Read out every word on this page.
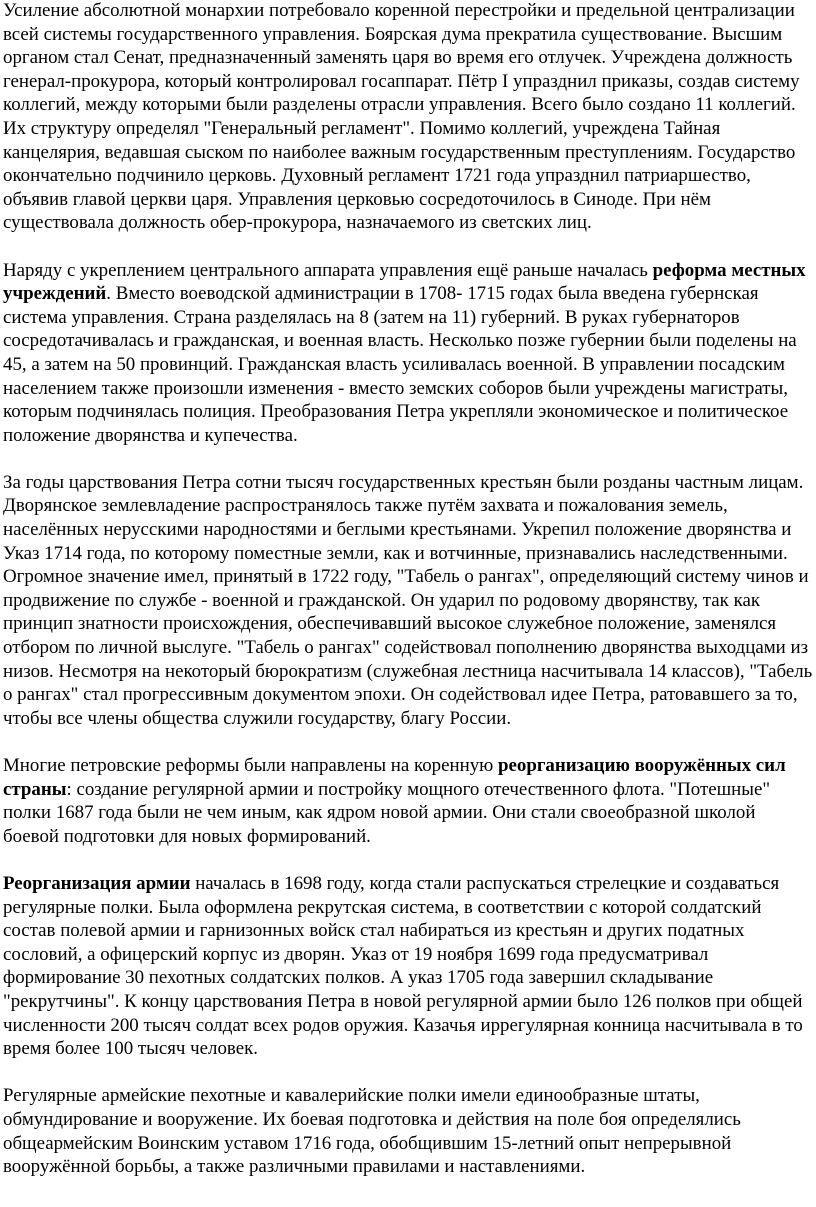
Усиление абсолютной монархии потребовало коренной перестройки и предельной централизации всей системы государственного управления. Боярская дума прекратила существование. Высшим органом стал Сенат, предназначенный заменять царя во время его отлучек. Учреждена должность генерал-прокурора, который контролировал госаппарат. Пётр I упразднил приказы, создав систему коллегий, между которыми были разделены отрасли управления. Всего было создано 11 коллегий. Их структуру определял "Генеральный регламент". Помимо коллегий, учреждена Тайная канцелярия, ведавшая сыском по наиболее важным государственным преступлениям. Государство окончательно подчинило церковь. Духовный регламент 1721 года упразднил патриаршество, объявив главой церкви царя. Управления церковью сосредоточилось в Синоде. При нём существовала должность обер-прокурора, назначаемого из светских лиц.

Наряду с укреплением центрального аппарата управления ещё раньше началась реформа местных учреждений. Вместо воеводской администрации в 1708- 1715 годах была введена губернская система управления. Страна разделялась на 8 (затем на 11) губерний. В руках губернаторов сосредотачивалась и гражданская, и военная власть. Несколько позже губернии были поделены на 45, а затем на 50 провинций. Гражданская власть усиливалась военной. В управлении посадским населением также произошли изменения - вместо земских соборов были учреждены магистраты, которым подчинялась полиция. Преобразования Петра укрепляли экономическое и политическое положение дворянства и купечества.

За годы царствования Петра сотни тысяч государственных крестьян были розданы частным лицам. Дворянское землевладение распространялось также путём захвата и пожалования земель, населённых нерусскими народностями и беглыми крестьянами. Укрепил положение дворянства и Указ 1714 года, по которому поместные земли, как и вотчинные, признавались наследственными. Огромное значение имел, принятый в 1722 году, "Табель о рангах", определяющий систему чинов и продвижение по службе - военной и гражданской. Он ударил по родовому дворянству, так как принцип знатности происхождения, обеспечивавший высокое служебное положение, заменялся отбором по личной выслуге. "Табель о рангах" содействовал пополнению дворянства выходцами из низов. Несмотря на некоторый бюрократизм (служебная лестница насчитывала 14 классов), "Табель о рангах" стал прогрессивным документом эпохи. Он содействовал идее Петра, ратовавшего за то, чтобы все члены общества служили государству, благу России.

Многие петровские реформы были направлены на коренную реорганизацию вооружённых сил страны: создание регулярной армии и постройку мощного отечественного флота. "Потешные" полки 1687 года были не чем иным, как ядром новой армии. Они стали своеобразной школой боевой подготовки для новых формирований.

Реорганизация армии началась в 1698 году, когда стали распускаться стрелецкие и создаваться регулярные полки. Была оформлена рекрутская система, в соответствии с которой солдатский состав полевой армии и гарнизонных войск стал набираться из крестьян и других податных сословий, а офицерский корпус из дворян. Указ от 19 ноября 1699 года предусматривал формирование 30 пехотных солдатских полков. А указ 1705 года завершил складывание "рекрутчины". К концу царствования Петра в новой регулярной армии было 126 полков при общей численности 200 тысяч солдат всех родов оружия. Казачья иррегулярная конница насчитывала в то время более 100 тысяч человек.

Регулярные армейские пехотные и кавалерийские полки имели единообразные штаты, обмундирование и вооружение. Их боевая подготовка и действия на поле боя определялись общеармейским Воинским уставом 1716 года, обобщившим 15-летний опыт непрерывной вооружённой борьбы, а также различными правилами и наставлениями.
